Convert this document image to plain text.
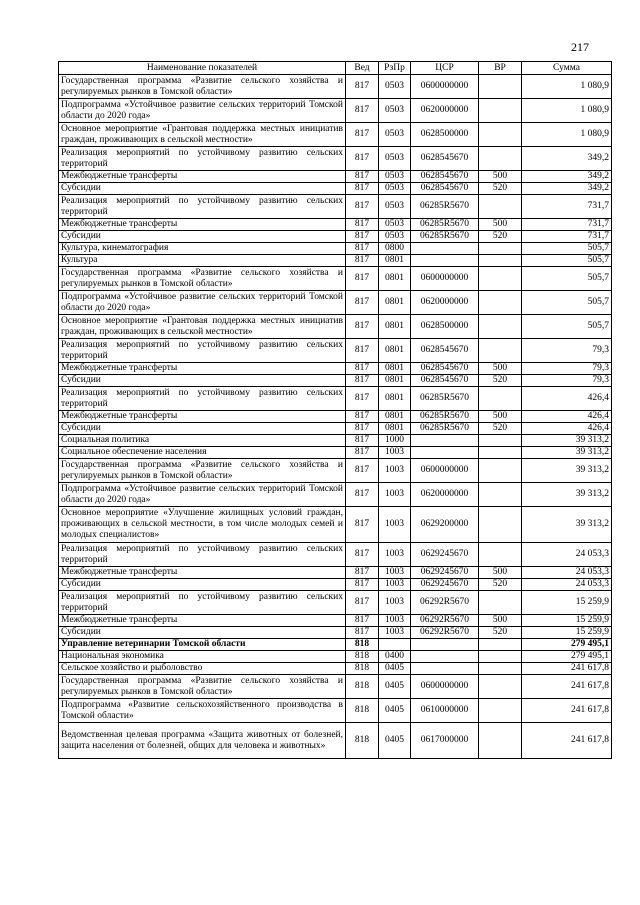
217
Наименование показателей	Вед	РзПр	ЦСР	ВР	Сумма
Государственная программа «Развитие сельского хозяйства и регулируемых рынков в Томской области»	817	0503	0600000000		1 080,9
Подпрограмма «Устойчивое развитие сельских территорий Томской области до 2020 года»	817	0503	0620000000		1 080,9
Основное мероприятие «Грантовая поддержка местных инициатив граждан, проживающих в сельской местности»	817	0503	0628500000		1 080,9
Реализация мероприятий по устойчивому развитию сельских территорий	817	0503	0628545670		349,2
Межбюджетные трансферты	817	0503	0628545670	500	349,2
Субсидии	817	0503	0628545670	520	349,2
Реализация мероприятий по устойчивому развитию сельских территорий	817	0503	06285R5670		731,7
Межбюджетные трансферты	817	0503	06285R5670	500	731,7
Субсидии	817	0503	06285R5670	520	731,7
Культура, кинематография	817	0800			505,7
Культура	817	0801			505,7
Государственная программа «Развитие сельского хозяйства и регулируемых рынков в Томской области»	817	0801	0600000000		505,7
Подпрограмма «Устойчивое развитие сельских территорий Томской области до 2020 года»	817	0801	0620000000		505,7
Основное мероприятие «Грантовая поддержка местных инициатив граждан, проживающих в сельской местности»	817	0801	0628500000		505,7
Реализация мероприятий по устойчивому развитию сельских территорий	817	0801	0628545670		79,3
Межбюджетные трансферты	817	0801	0628545670	500	79,3
Субсидии	817	0801	0628545670	520	79,3
Реализация мероприятий по устойчивому развитию сельских территорий	817	0801	06285R5670		426,4
Межбюджетные трансферты	817	0801	06285R5670	500	426,4
Субсидии	817	0801	06285R5670	520	426,4
Социальная политика	817	1000			39 313,2
Социальное обеспечение населения	817	1003			39 313,2
Государственная программа «Развитие сельского хозяйства и регулируемых рынков в Томской области»	817	1003	0600000000		39 313,2
Подпрограмма «Устойчивое развитие сельских территорий Томской области до 2020 года»	817	1003	0620000000		39 313,2
Основное мероприятие «Улучшение жилищных условий граждан, проживающих в сельской местности, в том числе молодых семей и молодых специалистов»	817	1003	0629200000		39 313,2
Реализация мероприятий по устойчивому развитию сельских территорий	817	1003	0629245670		24 053,3
Межбюджетные трансферты	817	1003	0629245670	500	24 053,3
Субсидии	817	1003	0629245670	520	24 053,3
Реализация мероприятий по устойчивому развитию сельских территорий	817	1003	06292R5670		15 259,9
Межбюджетные трансферты	817	1003	06292R5670	500	15 259,9
Субсидии	817	1003	06292R5670	520	15 259,9
Управление ветеринарии Томской области	818				279 495,1
Национальная экономика	818	0400			279 495,1
Сельское хозяйство и рыболовство	818	0405			241 617,8
Государственная программа «Развитие сельского хозяйства и регулируемых рынков в Томской области»	818	0405	0600000000		241 617,8
Подпрограмма «Развитие сельскохозяйственного производства в Томской области»	818	0405	0610000000		241 617,8
Ведомственная целевая программа «Защита животных от болезней, защита населения от болезней, общих для человека и животных»	818	0405	0617000000		241 617,8
